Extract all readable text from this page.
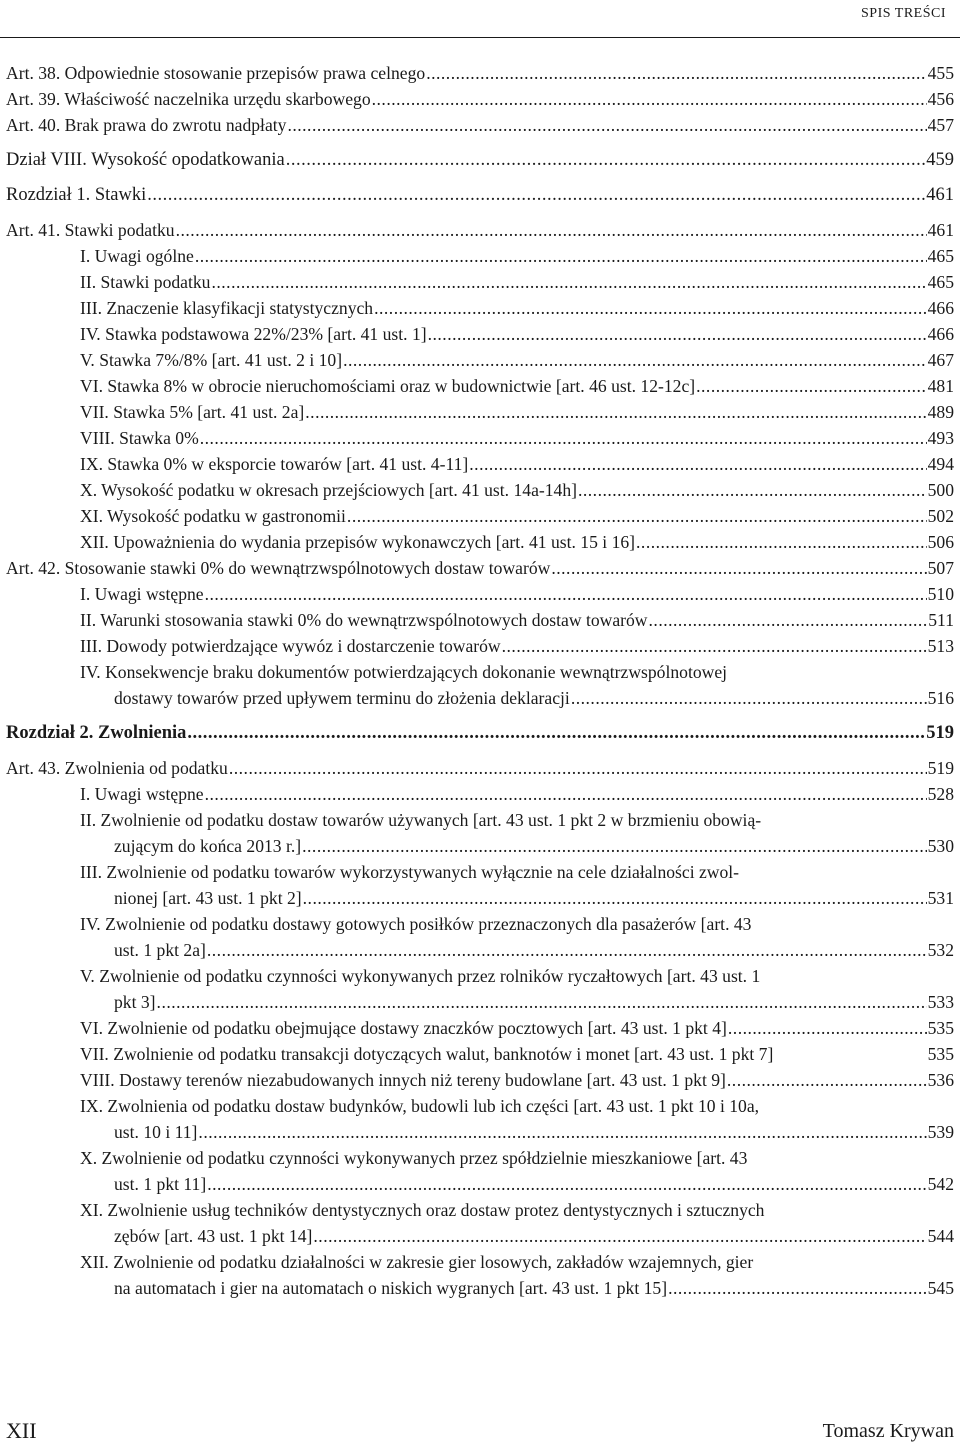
SPIS TREŚCI
Art. 38. Odpowiednie stosowanie przepisów prawa celnego .....	455
Art. 39. Właściwość naczelnika urzędu skarbowego .....	456
Art. 40. Brak prawa do zwrotu nadpłaty .....	457
Dział VIII. Wysokość opodatkowania .....	459
Rozdział 1. Stawki .....	461
Art. 41. Stawki podatku .....	461
I. Uwagi ogólne .....	465
II. Stawki podatku .....	465
III. Znaczenie klasyfikacji statystycznych .....	466
IV. Stawka podstawowa 22%/23% [art. 41 ust. 1] .....	466
V. Stawka 7%/8% [art. 41 ust. 2 i 10] .....	467
VI. Stawka 8% w obrocie nieruchomościami oraz w budownictwie [art. 46 ust. 12-12c] .....	481
VII. Stawka 5% [art. 41 ust. 2a] .....	489
VIII. Stawka 0% .....	493
IX. Stawka 0% w eksporcie towarów [art. 41 ust. 4-11] .....	494
X. Wysokość podatku w okresach przejściowych [art. 41 ust. 14a-14h] .....	500
XI. Wysokość podatku w gastronomii .....	502
XII. Upoważnienia do wydania przepisów wykonawczych [art. 41 ust. 15 i 16] .....	506
Art. 42. Stosowanie stawki 0% do wewnątrzwspólnotowych dostaw towarów .....	507
I. Uwagi wstępne .....	510
II. Warunki stosowania stawki 0% do wewnątrzwspólnotowych dostaw towarów .....	511
III. Dowody potwierdzające wywóz i dostarczenie towarów .....	513
IV. Konsekwencje braku dokumentów potwierdzających dokonanie wewnątrzwspólnotowej
dostawy towarów przed upływem terminu do złożenia deklaracji .....	516
Rozdział 2. Zwolnienia .....	519
Art. 43. Zwolnienia od podatku .....	519
I. Uwagi wstępne .....	528
II. Zwolnienie od podatku dostaw towarów używanych [art. 43 ust. 1 pkt 2 w brzmieniu obowią-
zującym do końca 2013 r.] .....	530
III. Zwolnienie od podatku towarów wykorzystywanych wyłącznie na cele działalności zwol-
nionej [art. 43 ust. 1 pkt 2] .....	531
IV. Zwolnienie od podatku dostawy gotowych posiłków przeznaczonych dla pasażerów [art. 43
ust. 1 pkt 2a] .....	532
V. Zwolnienie od podatku czynności wykonywanych przez rolników ryczałtowych [art. 43 ust. 1
pkt 3] .....	533
VI. Zwolnienie od podatku obejmujące dostawy znaczków pocztowych [art. 43 ust. 1 pkt 4] .....	535
VII. Zwolnienie od podatku transakcji dotyczących walut, banknotów i monet [art. 43 ust. 1 pkt 7]	535
VIII. Dostawy terenów niezabudowanych innych niż tereny budowlane [art. 43 ust. 1 pkt 9] .....	536
IX. Zwolnienia od podatku dostaw budynków, budowli lub ich części [art. 43 ust. 1 pkt 10 i 10a,
ust. 10 i 11] .....	539
X. Zwolnienie od podatku czynności wykonywanych przez spółdzielnie mieszkaniowe [art. 43
ust. 1 pkt 11] .....	542
XI. Zwolnienie usług techników dentystycznych oraz dostaw protez dentystycznych i sztucznych
zębów [art. 43 ust. 1 pkt 14] .....	544
XII. Zwolnienie od podatku działalności w zakresie gier losowych, zakładów wzajemnych, gier
na automatach i gier na automatach o niskich wygranych [art. 43 ust. 1 pkt 15] .....	545
XII	Tomasz Krywan
